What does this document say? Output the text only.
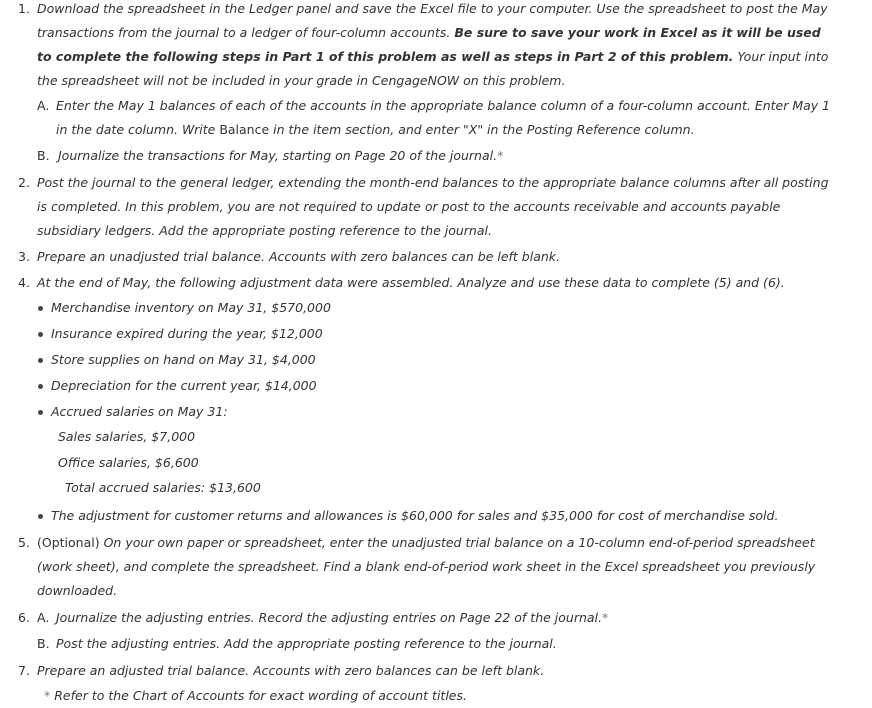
1. Download the spreadsheet in the Ledger panel and save the Excel file to your computer. Use the spreadsheet to post the May
transactions from the journal to a ledger of four-column accounts. Be sure to save your work in Excel as it will be used
to complete the following steps in Part 1 of this problem as well as steps in Part 2 of this problem. Your input into
the spreadsheet will not be included in your grade in CengageNOW on this problem.
A. Enter the May 1 balances of each of the accounts in the appropriate balance column of a four-column account. Enter May 1
in the date column. Write Balance in the item section, and enter "X" in the Posting Reference column.
B. Journalize the transactions for May, starting on Page 20 of the journal.*
2. Post the journal to the general ledger, extending the month-end balances to the appropriate balance columns after all posting
is completed. In this problem, you are not required to update or post to the accounts receivable and accounts payable
subsidiary ledgers. Add the appropriate posting reference to the journal.
3. Prepare an unadjusted trial balance. Accounts with zero balances can be left blank.
4. At the end of May, the following adjustment data were assembled. Analyze and use these data to complete (5) and (6).
Merchandise inventory on May 31, $570,000
Insurance expired during the year, $12,000
Store supplies on hand on May 31, $4,000
Depreciation for the current year, $14,000
Accrued salaries on May 31:
Sales salaries, $7,000
Office salaries, $6,600
Total accrued salaries: $13,600
The adjustment for customer returns and allowances is $60,000 for sales and $35,000 for cost of merchandise sold.
5. (Optional) On your own paper or spreadsheet, enter the unadjusted trial balance on a 10-column end-of-period spreadsheet
(work sheet), and complete the spreadsheet. Find a blank end-of-period work sheet in the Excel spreadsheet you previously
downloaded.
6. A. Journalize the adjusting entries. Record the adjusting entries on Page 22 of the journal.*
B. Post the adjusting entries. Add the appropriate posting reference to the journal.
7. Prepare an adjusted trial balance. Accounts with zero balances can be left blank.
* Refer to the Chart of Accounts for exact wording of account titles.
